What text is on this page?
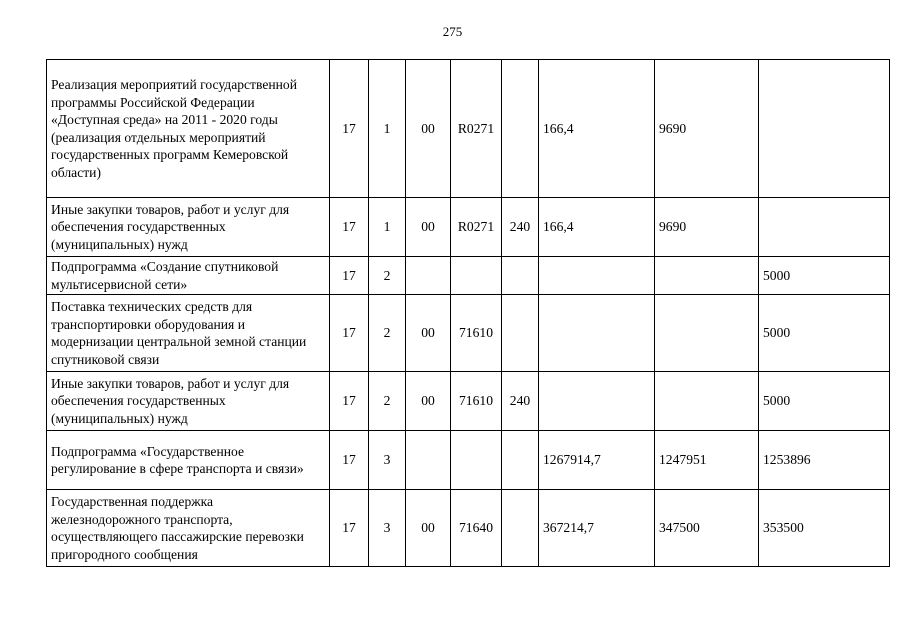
275
Реализация мероприятий государственной программы Российской Федерации «Доступная среда» на 2011 - 2020 годы (реализация отдельных мероприятий государственных программ Кемеровской области)	17	1	00	R0271		166,4	9690	
Иные закупки товаров, работ и услуг для обеспечения государственных (муниципальных) нужд	17	1	00	R0271	240	166,4	9690	
Подпрограмма «Создание спутниковой мультисервисной сети»	17	2						5000
Поставка технических средств для транспортировки оборудования и модернизации центральной земной станции спутниковой связи	17	2	00	71610				5000
Иные закупки товаров, работ и услуг для обеспечения государственных (муниципальных) нужд	17	2	00	71610	240			5000
Подпрограмма «Государственное регулирование в сфере транспорта и связи»	17	3				1267914,7	1247951	1253896
Государственная поддержка железнодорожного транспорта, осуществляющего пассажирские перевозки пригородного сообщения	17	3	00	71640		367214,7	347500	353500
